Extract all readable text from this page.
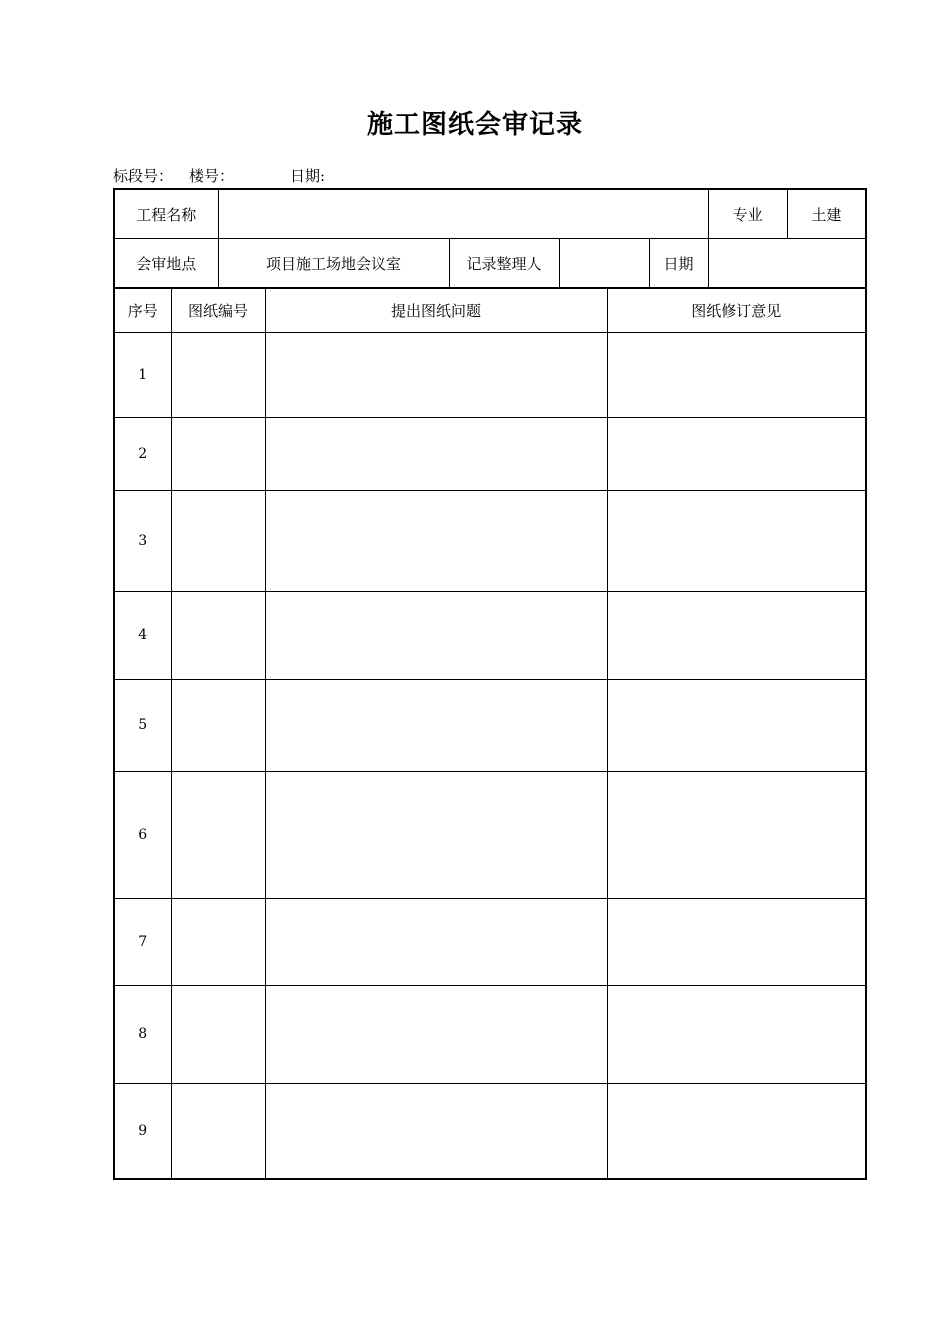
施工图纸会审记录
标段号： 楼号：	日期:
工程名称			专业	土建

会审地点	项目施工场地会议室	记录整理人		日期	
序号	图纸编号	提出图纸问题	图纸修订意见
1			
2			
3			
4			
5			
6			
7			
8			
9			
